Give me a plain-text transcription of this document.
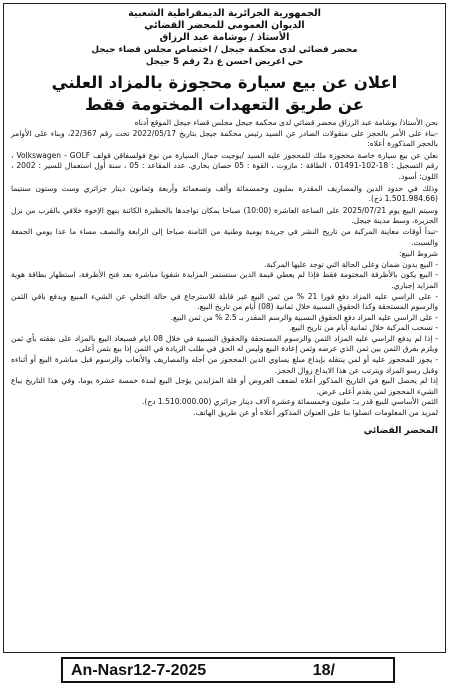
الجمهورية الجزائرية الديمقراطية الشعبية

الديوان العمومي للمحضر القضائي

الأستاذ / بوشامة عبد الرزاق

محضر قضائي لدى محكمة جيجل / اختصاص مجلس قضاء جيجل

حي اعريض احسن ع د2 رقم 5 جيجل

اعلان عن بيع سيارة محجوزة بالمزاد العلني

عن طريق التعهدات المختومة فقط

نحن الأستاذ/ بوشامة عبد الرزاق محضر قضائي لدى محكمة جيجل مجلس قضاء جيجل الموقع أدناه

-بناء على الأمر بالحجز على منقولات الصادر عن السيد رئيس محكمة جيجل بتاريخ 2022/05/17 تحت رقم 22/367، وبناء على الأوامر بالحجز المذكورة أعلاه:

نعلن عن بيع سيارة خاصة محجوزة ملك للمحجوز عليه السيد /بوجيت جمال السيارة من نوع فولسفاقن قولف Volkswagen - GOLF ، رقم التسجيل : 18-102-01491 ، الطاقة : مازوت ، القوة : 05 حصان بخاري. عدد المقاعد : 05 ، سنة أول استعمال للسير : 2002 ، اللون: أسود.

وذلك في حدود الدين والمصاريف المقدرة بمليون وخمسمائة وألف وتسعمائة وأربعة وثمانون دينار جزائري وست وستون سنتيما (1.501.984.66 دج).

وسيتم البيع يوم 2025/07/21 على الساعة العاشرة (10:00) صباحا بمكان تواجدها بالحظيرة الكائنة بنهج الإخوة خلافي بالقرب من نزل الجزيرة، وسط مدينة جيجل.

-تبدأ أوقات معاينة المركبة من تاريخ النشر في جريدة يومية وطنية من الثامنة صباحا إلى الرابعة والنصف مساء ما عدا يومي الجمعة والسبت.

شروط البيع:

- البيع بدون ضمان وعلى الحالة التي توجد عليها المركبة.

- البيع يكون بالأظرفة المختومة فقط فإذا لم يعطي قيمة الدين ستستمر المزايدة شفويا مباشرة بعد فتح الأظرفة، استظهار بطاقة هوية المزايد إجباري.

- على الراسي عليه المزاد دفع فورا 21 % من ثمن البيع غير قابلة للاسترجاع في حالة التخلي عن الشيء المبيع ويدفع باقي الثمن والرسوم المستحقة وكذا الحقوق النسبية خلال ثمانية (08) أيام من تاريخ البيع.

- على الراسي عليه المزاد دفع الحقوق النسبية والرسم المقدر بـ 2.5 % من ثمن البيع.

- تسحب المركبة خلال ثمانية أيام من تاريخ البيع.

- إذا لم يدفع الراسي عليه المزاد الثمن والرسوم المستحقة والحقوق النسبية في خلال 08 ايام فسيعاد البيع بالمزاد على نفقته بأي ثمن ويلزم بفرق الثمن بين ثمن الذي عرضه وثمن إعادة البيع وليس له الحق في طلب الزيادة في الثمن إذا بيع بثمن أعلى.

- يجوز للمحجوز عليه أو لمن ينتقله بإيداع مبلغ يساوي الدين المحجوز من أجله والمصاريف والأتعاب والرسوم قبل مباشرة البيع أو أثناءه وقبل رسو المزاد ويترتب عن هذا الايداع زوال الحجز.

إذا لم يحصل البيع في التاريخ المذكور أعلاه لضعف العروض أو قلة المزايدين يؤجل البيع لمدة خمسة عشرة يوما، وفي هذا التاريخ يباع الشيء المحجوز لمن يقدم أعلى عرض.

الثمن الأساسي للبيع قدر بـ: مليون وخمسمائة وعشرة آلاف دينار جزائري (1.510.000.00 دج).

لمزيد من المعلومات اتصلوا بنا على العنوان المذكور أعلاه أو عن طريق الهاتف.

المحضر القضائي

An-Nasr12-7-2025	18/
